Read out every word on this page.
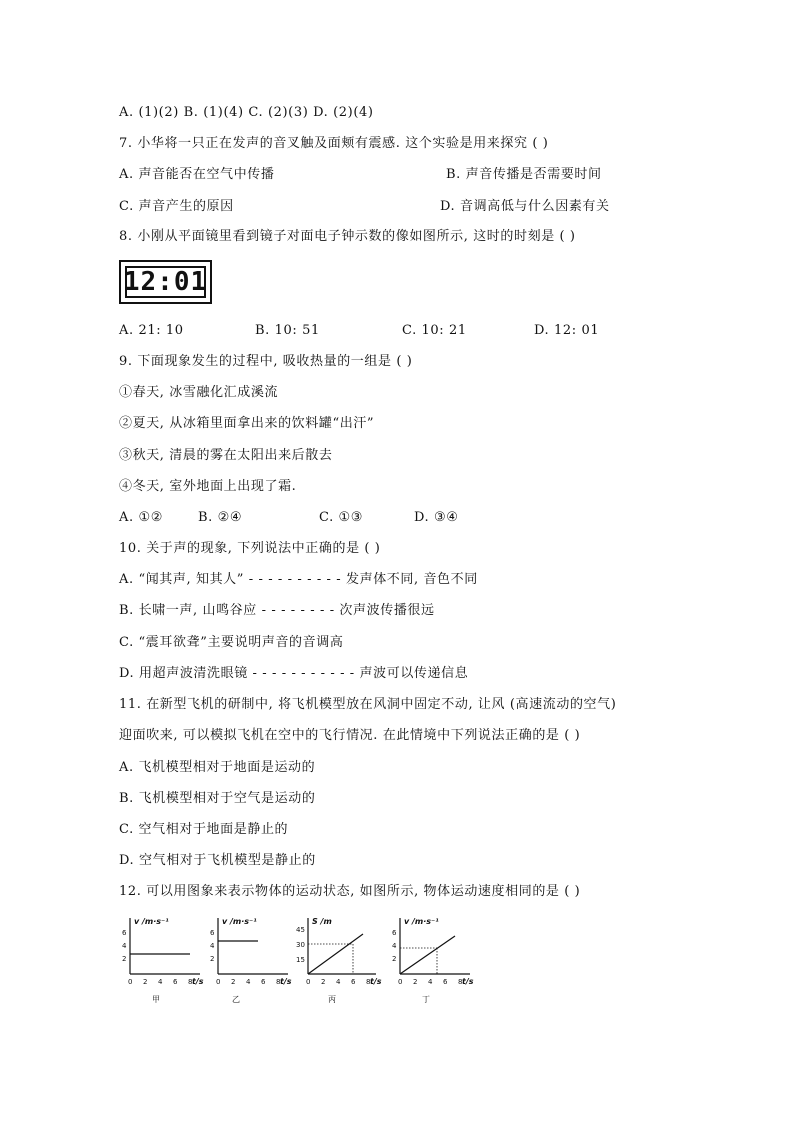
A. (1)(2) B. (1)(4) C. (2)(3) D. (2)(4)
7. 小华将一只正在发声的音叉触及面颊有震感. 这个实验是用来探究 ( )
A. 声音能否在空气中传播	B. 声音传播是否需要时间
C. 声音产生的原因	D. 音调高低与什么因素有关
8. 小刚从平面镜里看到镜子对面电子钟示数的像如图所示, 这时的时刻是 ( )
12:01
A. 21: 10	B. 10: 51	C. 10: 21	D. 12: 01
9. 下面现象发生的过程中, 吸收热量的一组是 ( )
①春天, 冰雪融化汇成溪流
②夏天, 从冰箱里面拿出来的饮料罐“出汗”
③秋天, 清晨的雾在太阳出来后散去
④冬天, 室外地面上出现了霜.
A. ①②	B. ②④	C. ①③	D. ③④
10. 关于声的现象, 下列说法中正确的是 ( )
A. “闻其声, 知其人” - - - - - - - - - - 发声体不同, 音色不同
B. 长啸一声, 山鸣谷应 - - - - - - - - 次声波传播很远
C. “震耳欲聋”主要说明声音的音调高
D. 用超声波清洗眼镜 - - - - - - - - - - - 声波可以传递信息
11. 在新型飞机的研制中, 将飞机模型放在风洞中固定不动, 让风 (高速流动的空气)
迎面吹来, 可以模拟飞机在空中的飞行情况. 在此情境中下列说法正确的是 ( )
A. 飞机模型相对于地面是运动的
B. 飞机模型相对于空气是运动的
C. 空气相对于地面是静止的
D. 空气相对于飞机模型是静止的
12. 可以用图象来表示物体的运动状态, 如图所示, 物体运动速度相同的是 ( )
v /m·s⁻¹
6
4
2
0 2 4 6 8 t/s
甲
v /m·s⁻¹
6
4
2
0 2 4 6 8 t/s
乙
S /m
45
30
15
0 2 4 6 8 t/s
丙
v /m·s⁻¹
6
4
2
0 2 4 6 8 t/s
丁
